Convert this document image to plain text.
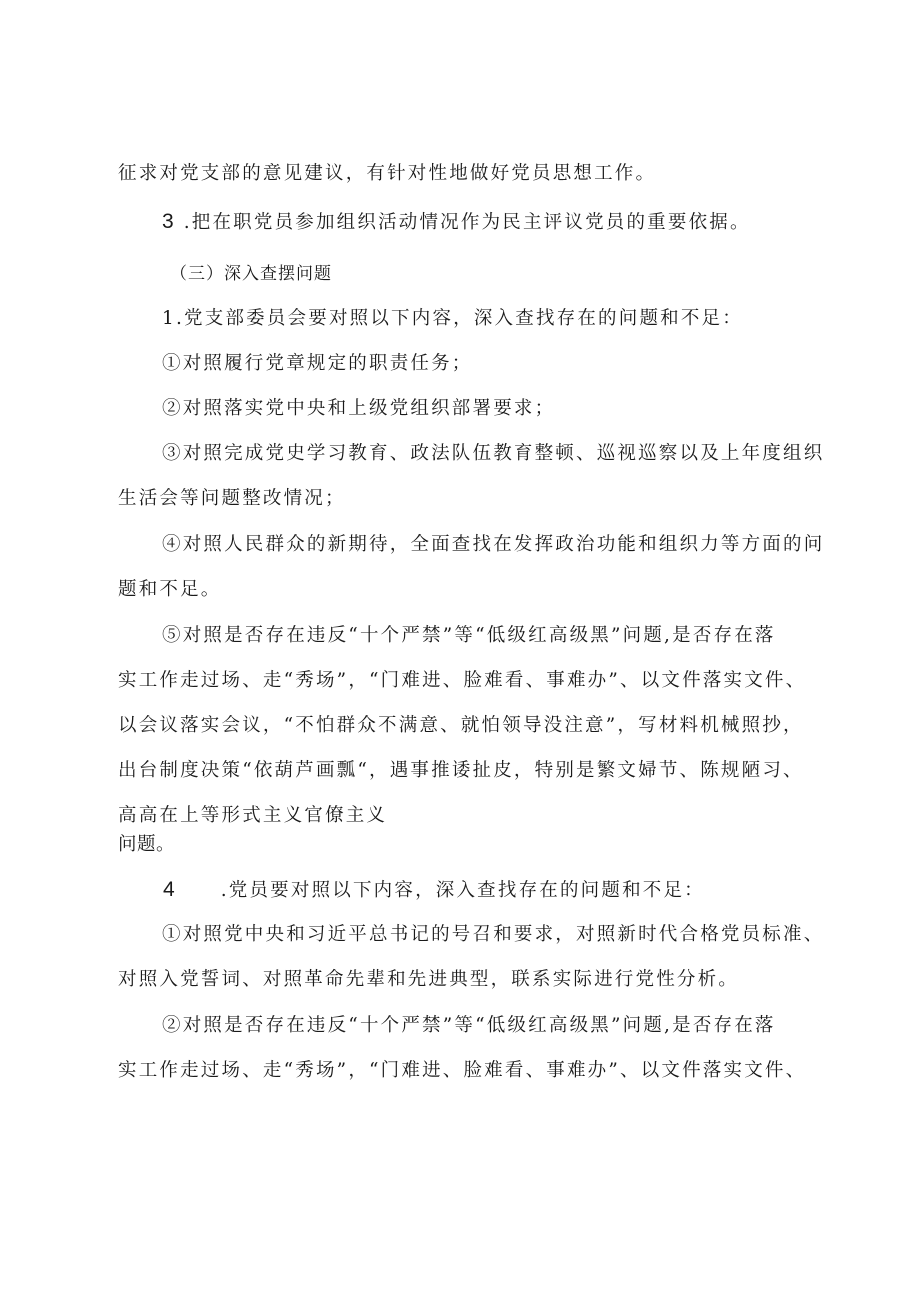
征求对党支部的意见建议，有针对性地做好党员思想工作。
3 .把在职党员参加组织活动情况作为民主评议党员的重要依据。
（三）深入查摆问题
1.党支部委员会要对照以下内容，深入查找存在的问题和不足：
①对照履行党章规定的职责任务；
②对照落实党中央和上级党组织部署要求；
③对照完成党史学习教育、政法队伍教育整顿、巡视巡察以及上年度组织
生活会等问题整改情况；
④对照人民群众的新期待，全面查找在发挥政治功能和组织力等方面的问
题和不足。
⑤对照是否存在违反“十个严禁”等“低级红高级黑”问题,是否存在落
实工作走过场、走“秀场”，“门难进、脸难看、事难办”、以文件落实文件、
以会议落实会议，“不怕群众不满意、就怕领导没注意”，写材料机械照抄，
出台制度决策“依葫芦画瓢“，遇事推诿扯皮，特别是繁文婦节、陈规陋习、
高高在上等形式主义官僚主义
问题。
4 .党员要对照以下内容，深入查找存在的问题和不足：
①对照党中央和习近平总书记的号召和要求，对照新时代合格党员标准、
对照入党誓词、对照革命先辈和先进典型，联系实际进行党性分析。
②对照是否存在违反“十个严禁”等“低级红高级黑”问题,是否存在落
实工作走过场、走“秀场”，“门难进、脸难看、事难办”、以文件落实文件、
